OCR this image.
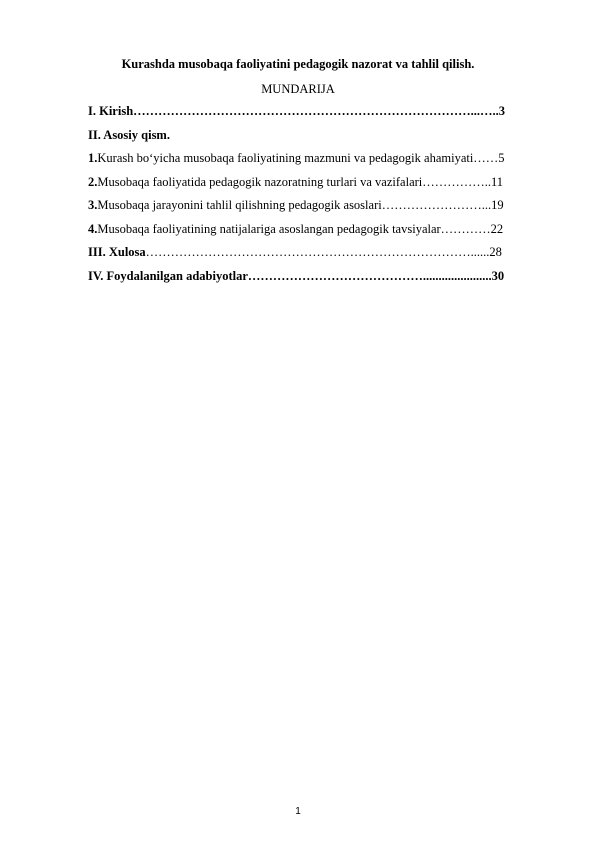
Kurashda musobaqa faoliyatini pedagogik nazorat va tahlil qilish.
MUNDARIJA
I. Kirish………………………………………………………………………...…..3
II. Asosiy qism.
1.Kurash bo‘yicha musobaqa faoliyatining mazmuni va pedagogik ahamiyati……5
2.Musobaqa faoliyatida pedagogik nazoratning turlari va vazifalari……………..11
3.Musobaqa jarayonini tahlil qilishning pedagogik asoslari……………………...19
4.Musobaqa faoliyatining natijalariga asoslangan pedagogik tavsiyalar…………22
III. Xulosa……………………………………………………………………......28
IV. Foydalanilgan adabiyotlar……………………………………......................30
1
